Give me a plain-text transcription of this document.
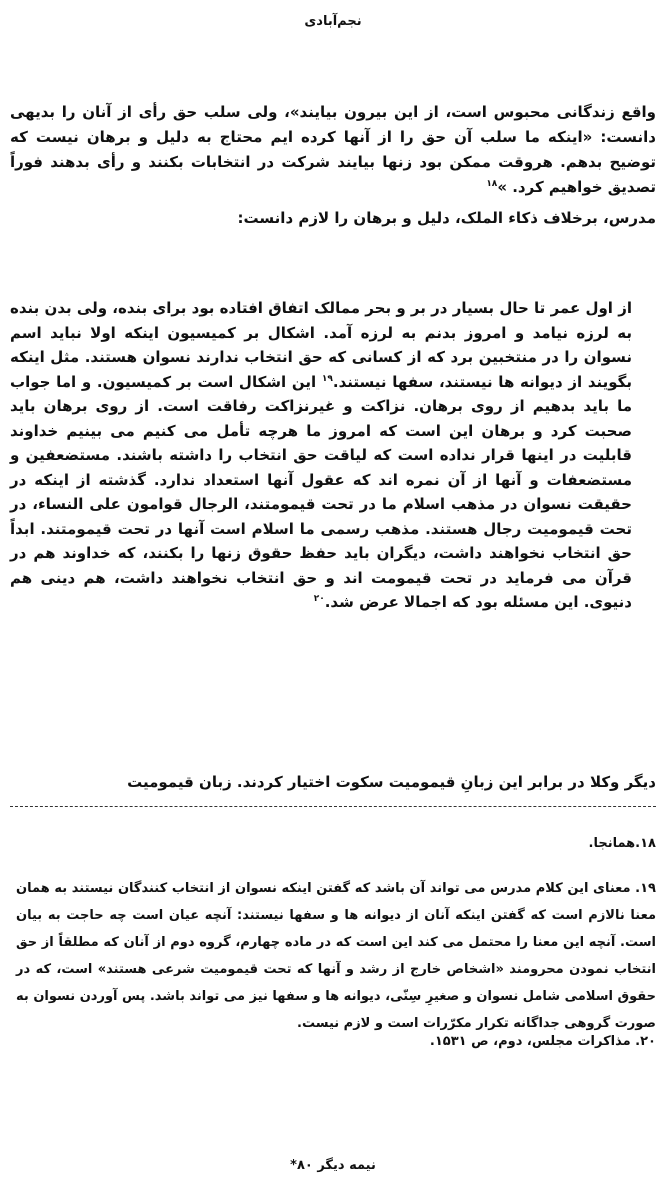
نجم‌آبادی
واقع زندگانی محبوس است، از این بیرون بیایند»، ولی سلب حق رأی از آنان را بدیهی دانست: «اینکه ما سلب آن حق را از آنها کرده ایم محتاج به دلیل و برهان نیست که توضیح بدهم. هروقت ممکن بود زنها بیایند شرکت در انتخابات بکنند و رأی بدهند فوراً تصدیق خواهیم کرد. »$^{۱۸}$
مدرس، برخلاف ذکاء الملک، دلیل و برهان را لازم دانست:
از اول عمر تا حال بسیار در بر و بحر ممالک اتفاق افتاده بود برای بنده، ولی بدن بنده به لرزه نیامد و امروز بدنم به لرزه آمد. اشکال بر کمیسیون اینکه اولا نباید اسم نسوان را در منتخبین برد که از کسانی که حق انتخاب ندارند نسوان هستند. مثل اینکه بگویند از دیوانه ها نیستند، سفها نیستند.$^{۱۹}$ این اشکال است بر کمیسیون. و اما جواب ما باید بدهیم از روی برهان. نزاکت و غیرنزاکت رفاقت است. از روی برهان باید صحبت کرد و برهان این است که امروز ما هرچه تأمل می کنیم می بینیم خداوند قابلیت در اینها قرار نداده است که لیاقت حق انتخاب را داشته باشند. مستضعفین و مستضعفات و آنها از آن نمره اند که عقول آنها استعداد ندارد. گذشته از اینکه در حقیقت نسوان در مذهب اسلام ما در تحت قیمومتند، الرجال قوامون علی النساء، در تحت قیمومیت رجال هستند. مذهب رسمی ما اسلام است آنها در تحت قیمومتند. ابداً حق انتخاب نخواهند داشت، دیگران باید حفظ حقوق زنها را بکنند، که خداوند هم در قرآن می فرماید در تحت قیمومت اند و حق انتخاب نخواهند داشت، هم دینی هم دنیوی. این مسئله بود که اجمالا عرض شد.$^{۲۰}$
دیگر وکلا در برابر این زبانِ قیمومیت سکوت اختیار کردند. زبان قیمومیت
۱۸.همانجا.
۱۹. معنای این کلام مدرس می تواند آن باشد که گفتن اینکه نسوان از انتخاب کنندگان نیستند به همان معنا نالازم است که گفتن اینکه آنان از دیوانه ها و سفها نیستند: آنچه عیان است چه حاجت به بیان است. آنچه این معنا را محتمل می کند این است که در ماده چهارم، گروه دوم از آنان که مطلقاً از حق انتخاب نمودن محرومند «اشخاص خارج از رشد و آنها که تحت قیمومیت شرعی هستند» است، که در حقوق اسلامی شامل نسوان و صغیرِ سِنّی، دیوانه ها و سفها نیز می تواند باشد. پس آوردن نسوان به صورت گروهی جداگانه تکرار مکرّرات است و لازم نیست.
۲۰. مذاکرات مجلس، دوم، ص ۱۵۳۱.
نیمه دیگر ۸۰*
